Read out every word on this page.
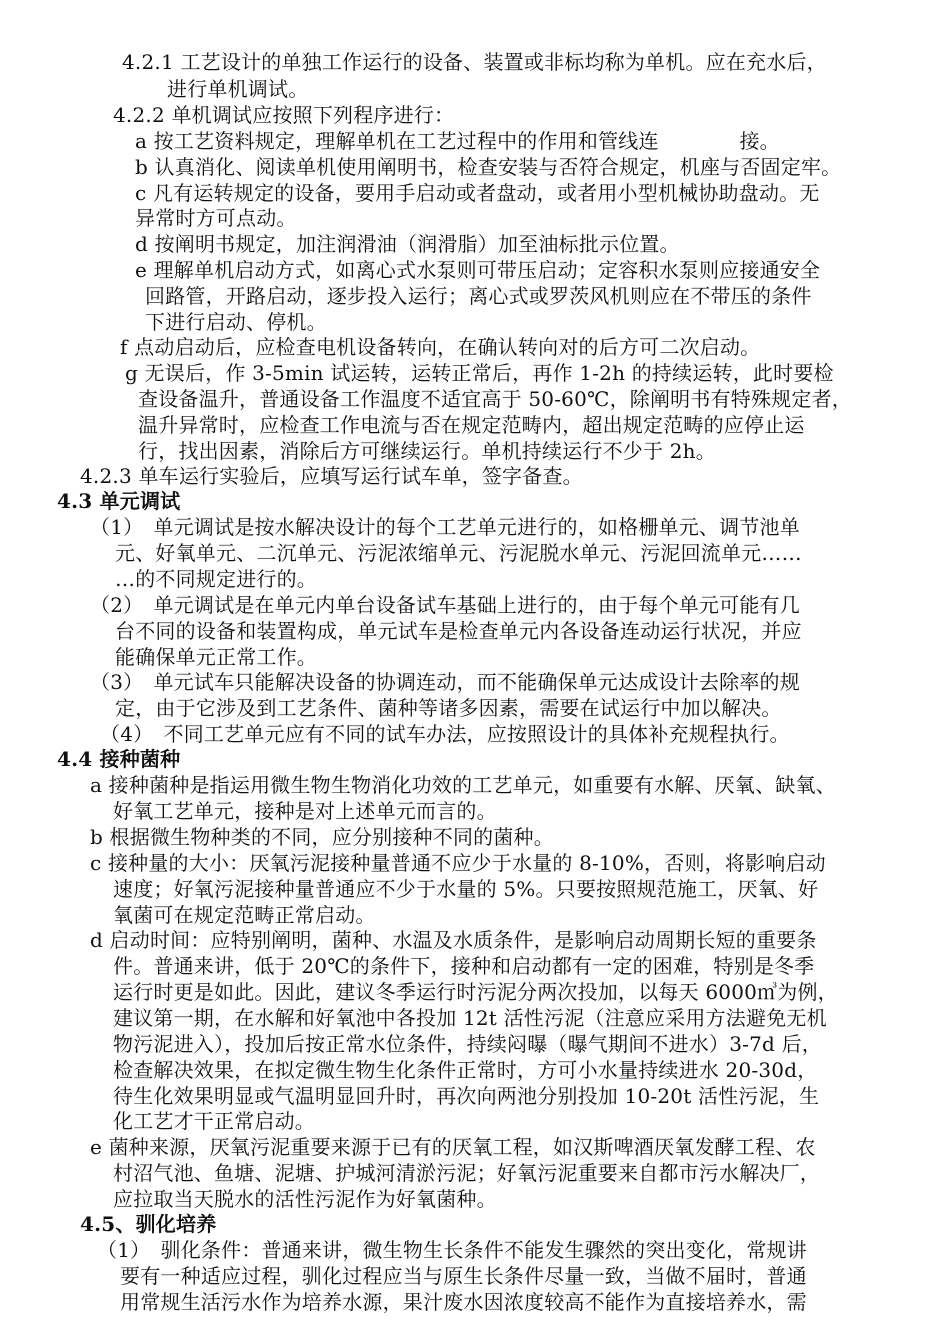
4.2.1 工艺设计的单独工作运行的设备、装置或非标均称为单机。应在充水后，
进行单机调试。
4.2.2 单机调试应按照下列程序进行：
a 按工艺资料规定，理解单机在工艺过程中的作用和管线连　　　　接。
b 认真消化、阅读单机使用阐明书，检查安装与否符合规定，机座与否固定牢。
c 凡有运转规定的设备，要用手启动或者盘动，或者用小型机械协助盘动。无
异常时方可点动。
d 按阐明书规定，加注润滑油（润滑脂）加至油标批示位置。
e 理解单机启动方式，如离心式水泵则可带压启动；定容积水泵则应接通安全
回路管，开路启动，逐步投入运行；离心式或罗茨风机则应在不带压的条件
下进行启动、停机。
f 点动启动后，应检查电机设备转向，在确认转向对的后方可二次启动。
g 无误后，作 3-5min 试运转，运转正常后，再作 1-2h 的持续运转，此时要检
查设备温升，普通设备工作温度不适宜高于 50-60℃，除阐明书有特殊规定者，
温升异常时，应检查工作电流与否在规定范畴内，超出规定范畴的应停止运
行，找出因素，消除后方可继续运行。单机持续运行不少于 2h。
4.2.3 单车运行实验后，应填写运行试车单，签字备查。
4.3 单元调试
（1）　单元调试是按水解决设计的每个工艺单元进行的，如格栅单元、调节池单
元、好氧单元、二沉单元、污泥浓缩单元、污泥脱水单元、污泥回流单元……
…的不同规定进行的。
（2）　单元调试是在单元内单台设备试车基础上进行的，由于每个单元可能有几
台不同的设备和装置构成，单元试车是检查单元内各设备连动运行状况，并应
能确保单元正常工作。
（3）　单元试车只能解决设备的协调连动，而不能确保单元达成设计去除率的规
定，由于它涉及到工艺条件、菌种等诸多因素，需要在试运行中加以解决。
（4）　不同工艺单元应有不同的试车办法，应按照设计的具体补充规程执行。
4.4 接种菌种
a 接种菌种是指运用微生物生物消化功效的工艺单元，如重要有水解、厌氧、缺氧、
好氧工艺单元，接种是对上述单元而言的。
b 根据微生物种类的不同，应分别接种不同的菌种。
c 接种量的大小：厌氧污泥接种量普通不应少于水量的 8-10%，否则，将影响启动
速度；好氧污泥接种量普通应不少于水量的 5%。只要按照规范施工，厌氧、好
氧菌可在规定范畴正常启动。
d 启动时间：应特别阐明，菌种、水温及水质条件，是影响启动周期长短的重要条
件。普通来讲，低于 20℃的条件下，接种和启动都有一定的困难，特别是冬季
运行时更是如此。因此，建议冬季运行时污泥分两次投加，以每天 6000㎥为例，
建议第一期，在水解和好氧池中各投加 12t 活性污泥（注意应采用方法避免无机
物污泥进入），投加后按正常水位条件，持续闷曝（曝气期间不进水）3-7d 后，
检查解决效果，在拟定微生物生化条件正常时，方可小水量持续进水 20-30d，
待生化效果明显或气温明显回升时，再次向两池分别投加 10-20t 活性污泥，生
化工艺才干正常启动。
e 菌种来源，厌氧污泥重要来源于已有的厌氧工程，如汉斯啤酒厌氧发酵工程、农
村沼气池、鱼塘、泥塘、护城河清淤污泥；好氧污泥重要来自都市污水解决厂，
应拉取当天脱水的活性污泥作为好氧菌种。
4.5、驯化培养
（1）　驯化条件：普通来讲，微生物生长条件不能发生骤然的突出变化，常规讲
要有一种适应过程，驯化过程应当与原生长条件尽量一致，当做不届时，普通
用常规生活污水作为培养水源，果汁废水因浓度较高不能作为直接培养水，需
